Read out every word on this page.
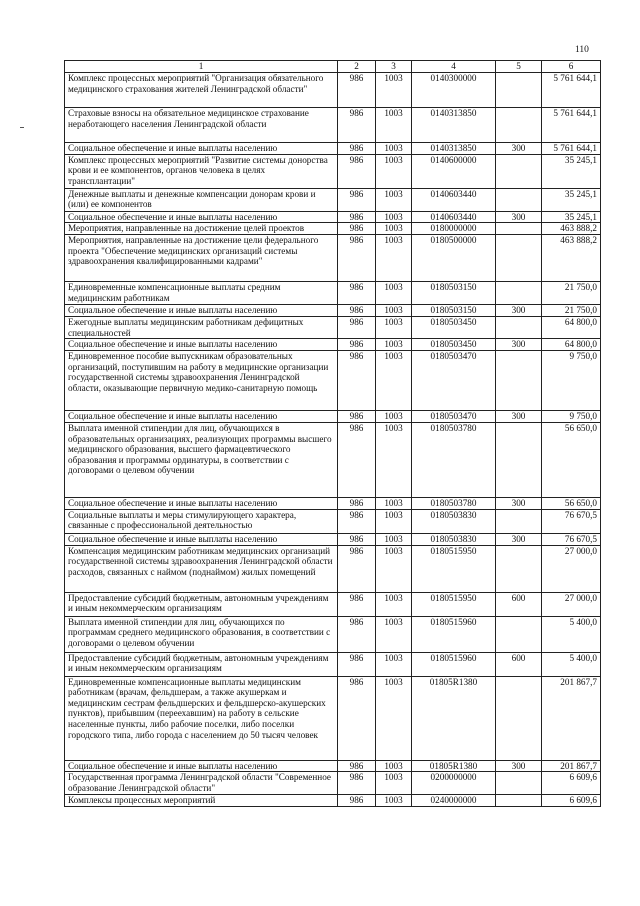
110
1	2	3	4	5	6
Комплекс процессных мероприятий "Организация обязательного медицинского страхования жителей Ленинградской области"	986	1003	0140300000		5 761 644,1
Страховые взносы на обязательное медицинское страхование неработающего населения Ленинградской области	986	1003	0140313850		5 761 644,1
Социальное обеспечение и иные выплаты населению	986	1003	0140313850	300	5 761 644,1
Комплекс процессных мероприятий "Развитие системы донорства крови и ее компонентов, органов человека в целях трансплантации"	986	1003	0140600000		35 245,1
Денежные выплаты и денежные компенсации донорам крови и (или) ее компонентов	986	1003	0140603440		35 245,1
Социальное обеспечение и иные выплаты населению	986	1003	0140603440	300	35 245,1
Мероприятия, направленные на достижение целей проектов	986	1003	0180000000		463 888,2
Мероприятия, направленные на достижение цели федерального проекта "Обеспечение медицинских организаций системы здравоохранения квалифицированными кадрами"	986	1003	0180500000		463 888,2
Единовременные компенсационные выплаты средним медицинским работникам	986	1003	0180503150		21 750,0
Социальное обеспечение и иные выплаты населению	986	1003	0180503150	300	21 750,0
Ежегодные выплаты медицинским работникам дефицитных специальностей	986	1003	0180503450		64 800,0
Социальное обеспечение и иные выплаты населению	986	1003	0180503450	300	64 800,0
Единовременное пособие выпускникам образовательных организаций, поступившим на работу в медицинские организации государственной системы здравоохранения Ленинградской области, оказывающие первичную медико-санитарную помощь	986	1003	0180503470		9 750,0
Социальное обеспечение и иные выплаты населению	986	1003	0180503470	300	9 750,0
Выплата именной стипендии для лиц, обучающихся в образовательных организациях, реализующих программы высшего медицинского образования, высшего фармацевтического образования и программы ординатуры, в соответствии с договорами о целевом обучении	986	1003	0180503780		56 650,0
Социальное обеспечение и иные выплаты населению	986	1003	0180503780	300	56 650,0
Социальные выплаты и меры стимулирующего характера, связанные с профессиональной деятельностью	986	1003	0180503830		76 670,5
Социальное обеспечение и иные выплаты населению	986	1003	0180503830	300	76 670,5
Компенсация медицинским работникам медицинских организаций государственной системы здравоохранения Ленинградской области расходов, связанных с наймом (поднаймом) жилых помещений	986	1003	0180515950		27 000,0
Предоставление субсидий бюджетным, автономным учреждениям и иным некоммерческим организациям	986	1003	0180515950	600	27 000,0
Выплата именной стипендии для лиц, обучающихся по программам среднего медицинского образования, в соответствии с договорами о целевом обучении	986	1003	0180515960		5 400,0
Предоставление субсидий бюджетным, автономным учреждениям и иным некоммерческим организациям	986	1003	0180515960	600	5 400,0
Единовременные компенсационные выплаты медицинским работникам (врачам, фельдшерам, а также акушеркам и медицинским сестрам фельдшерских и фельдшерско-акушерских пунктов), прибывшим (переехавшим) на работу в сельские населенные пункты, либо рабочие поселки, либо поселки городского типа, либо города с населением до 50 тысяч человек	986	1003	01805R1380		201 867,7
Социальное обеспечение и иные выплаты населению	986	1003	01805R1380	300	201 867,7
Государственная программа Ленинградской области "Современное образование Ленинградской области"	986	1003	0200000000		6 609,6
Комплексы процессных мероприятий	986	1003	0240000000		6 609,6
